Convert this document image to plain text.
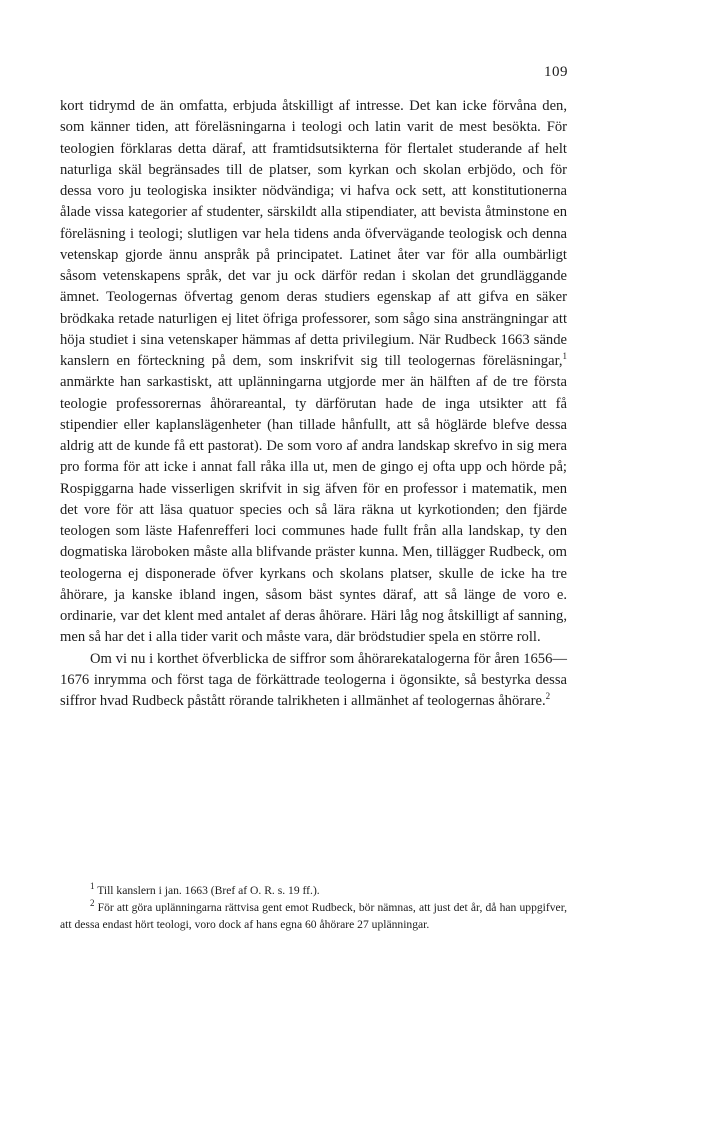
109

kort tidrymd de än omfatta, erbjuda åtskilligt af intresse. Det kan icke förvåna den, som känner tiden, att föreläsningarna i teologi och latin varit de mest besökta. För teologien förklaras detta däraf, att framtidsutsikterna för flertalet studerande af helt naturliga skäl begränsades till de platser, som kyrkan och skolan erbjödo, och för dessa voro ju teologiska insikter nödvändiga; vi hafva ock sett, att konstitutionerna ålade vissa kategorier af studenter, särskildt alla stipendiater, att bevista åtminstone en föreläsning i teologi; slutligen var hela tidens anda öfvervägande teologisk och denna vetenskap gjorde ännu anspråk på principatet. Latinet åter var för alla oumbärligt såsom vetenskapens språk, det var ju ock därför redan i skolan det grundläggande ämnet. Teologernas öfvertag genom deras studiers egenskap af att gifva en säker brödkaka retade naturligen ej litet öfriga professorer, som sågo sina ansträngningar att höja studiet i sina vetenskaper hämmas af detta privilegium. När Rudbeck 1663 sände kanslern en förteckning på dem, som inskrifvit sig till teologernas föreläsningar,$^1$ anmärkte han sarkastiskt, att uplänningarna utgjorde mer än hälften af de tre första teologie professorernas åhörareantal, ty därförutan hade de inga utsikter att få stipendier eller kaplanslägenheter (han tillade hånfullt, att så höglärde blefve dessa aldrig att de kunde få ett pastorat). De som voro af andra landskap skrefvo in sig mera pro forma för att icke i annat fall råka illa ut, men de gingo ej ofta upp och hörde på; Rospiggarna hade visserligen skrifvit in sig äfven för en professor i matematik, men det vore för att läsa quatuor species och så lära räkna ut kyrkotionden; den fjärde teologen som läste Hafenrefferi loci communes hade fullt från alla landskap, ty den dogmatiska läroboken måste alla blifvande präster kunna. Men, tillägger Rudbeck, om teologerna ej disponerade öfver kyrkans och skolans platser, skulle de icke ha tre åhörare, ja kanske ibland ingen, såsom bäst syntes däraf, att så länge de voro e. ordinarie, var det klent med antalet af deras åhörare. Häri låg nog åtskilligt af sanning, men så har det i alla tider varit och måste vara, där brödstudier spela en större roll.

Om vi nu i korthet öfverblicka de siffror som åhörarekatalogerna för åren 1656—1676 inrymma och först taga de förkättrade teologerna i ögonsikte, så bestyrka dessa siffror hvad Rudbeck påstått rörande talrikheten i allmänhet af teologernas åhörare.$^2$

$^1$ Till kanslern i jan. 1663 (Bref af O. R. s. 19 ff.).

$^2$ För att göra uplänningarna rättvisa gent emot Rudbeck, bör nämnas, att just det år, då han uppgifver, att dessa endast hört teologi, voro dock af hans egna 60 åhörare 27 uplänningar.
